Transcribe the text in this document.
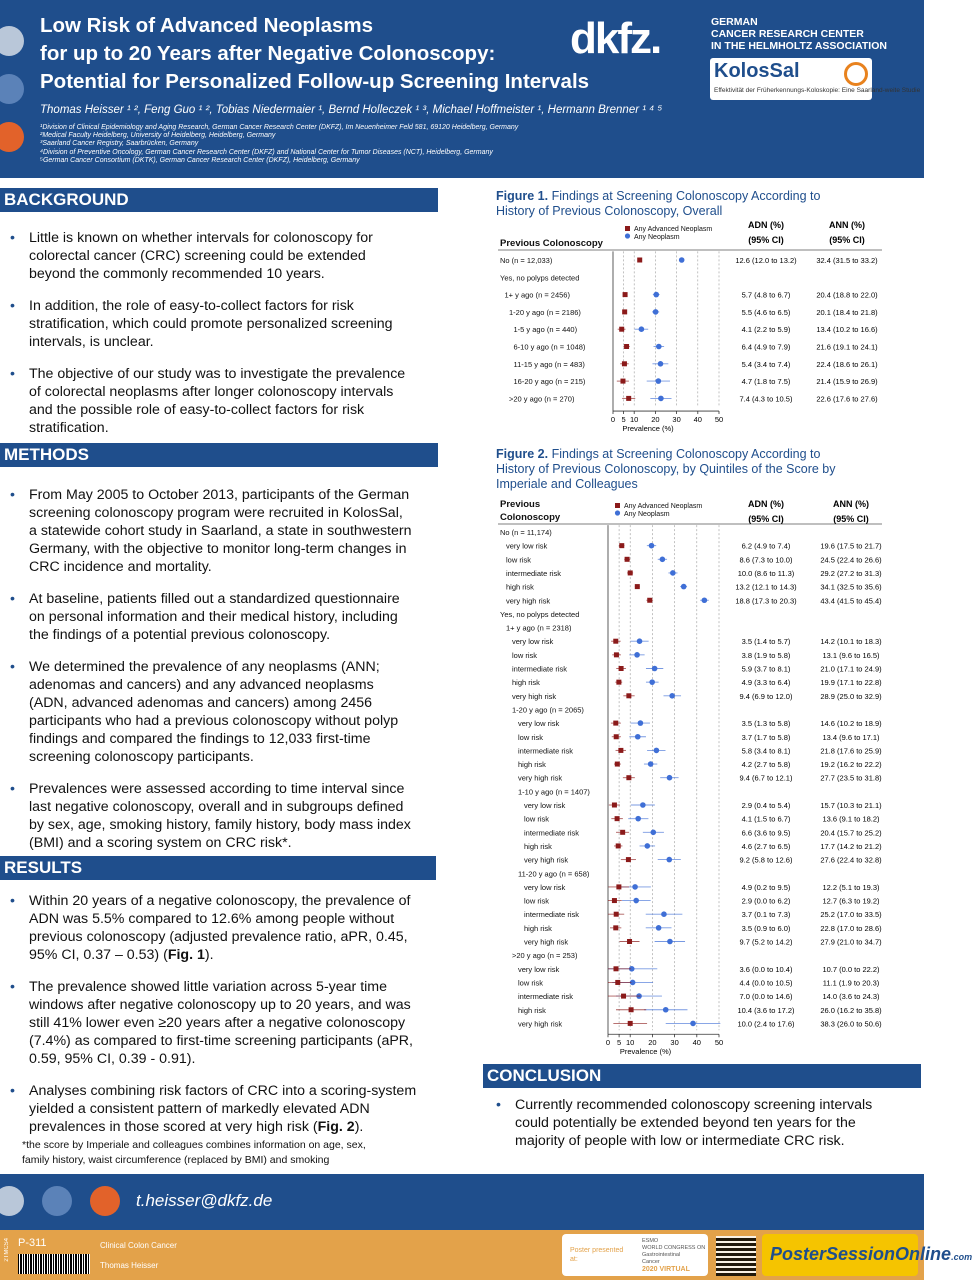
Low Risk of Advanced Neoplasms
for up to 20 Years after Negative Colonoscopy:
Potential for Personalized Follow-up Screening Intervals
dkfz.	GERMAN
CANCER RESEARCH CENTER
IN THE HELMHOLTZ ASSOCIATION
KolosSal
Effektivität der Früherkennungs-Koloskopie: Eine Saarland-weite Studie
Thomas Heisser ¹ ², Feng Guo ¹ ², Tobias Niedermaier ¹, Bernd Holleczek ¹ ³, Michael Hoffmeister ¹, Hermann Brenner ¹ ⁴ ⁵
¹Division of Clinical Epidemiology and Aging Research, German Cancer Research Center (DKFZ), Im Neuenheimer Feld 581, 69120 Heidelberg, Germany
²Medical Faculty Heidelberg, University of Heidelberg, Heidelberg, Germany
³Saarland Cancer Registry, Saarbrücken, Germany
⁴Division of Preventive Oncology, German Cancer Research Center (DKFZ) and National Center for Tumor Diseases (NCT), Heidelberg, Germany
⁵German Cancer Consortium (DKTK), German Cancer Research Center (DKFZ), Heidelberg, Germany
BACKGROUND
• Little is known on whether intervals for colonoscopy for colorectal cancer (CRC) screening could be extended beyond the commonly recommended 10 years.
• In addition, the role of easy-to-collect factors for risk stratification, which could promote personalized screening intervals, is unclear.
• The objective of our study was to investigate the prevalence of colorectal neoplasms after longer colonoscopy intervals and the possible role of easy-to-collect factors for risk stratification.
METHODS
• From May 2005 to October 2013, participants of the German screening colonoscopy program were recruited in KolosSal, a statewide cohort study in Saarland, a state in southwestern Germany, with the objective to monitor long-term changes in CRC incidence and mortality.
• At baseline, patients filled out a standardized questionnaire on personal information and their medical history, including the findings of a potential previous colonoscopy.
• We determined the prevalence of any neoplasms (ANN; adenomas and cancers) and any advanced neoplasms (ADN, advanced adenomas and cancers) among 2456 participants who had a previous colonoscopy without polyp findings and compared the findings to 12,033 first-time screening colonoscopy participants.
• Prevalences were assessed according to time interval since last negative colonoscopy, overall and in subgroups defined by sex, age, smoking history, family history, body mass index (BMI) and a scoring system on CRC risk*.
RESULTS
• Within 20 years of a negative colonoscopy, the prevalence of ADN was 5.5% compared to 12.6% among people without previous colonoscopy (adjusted prevalence ratio, aPR, 0.45, 95% CI, 0.37 – 0.53) (Fig. 1).
• The prevalence showed little variation across 5-year time windows after negative colonoscopy up to 20 years, and was still 41% lower even ≥20 years after a negative colonoscopy (7.4%) as compared to first-time screening participants (aPR, 0.59, 95% CI, 0.39 - 0.91).
• Analyses combining risk factors of CRC into a scoring-system yielded a consistent pattern of markedly elevated ADN prevalences in those scored at very high risk (Fig. 2).
*the score by Imperiale and colleagues combines information on age, sex,
family history, waist circumference (replaced by BMI) and smoking
Figure 1. Findings at Screening Colonoscopy According to
History of Previous Colonoscopy, Overall
Previous Colonoscopy
Any Advanced Neoplasm
Any Neoplasm
ADN (%)
(95% CI)
ANN (%)
(95% CI)
0 5 10 20 30 40 50
Prevalence (%)
No (n = 12,033)	12.6 (12.0 to 13.2)	32.4 (31.5 to 33.2)
Yes, no polyps detected
1+ y ago (n = 2456)	5.7 (4.8 to 6.7)	20.4 (18.8 to 22.0)
1-20 y ago (n = 2186)	5.5 (4.6 to 6.5)	20.1 (18.4 to 21.8)
1-5 y ago (n = 440)	4.1 (2.2 to 5.9)	13.4 (10.2 to 16.6)
6-10 y ago (n = 1048)	6.4 (4.9 to 7.9)	21.6 (19.1 to 24.1)
11-15 y ago (n = 483)	5.4 (3.4 to 7.4)	22.4 (18.6 to 26.1)
16-20 y ago (n = 215)	4.7 (1.8 to 7.5)	21.4 (15.9 to 26.9)
>20 y ago (n = 270)	7.4 (4.3 to 10.5)	22.6 (17.6 to 27.6)
Figure 2. Findings at Screening Colonoscopy According to
History of Previous Colonoscopy, by Quintiles of the Score by
Imperiale and Colleagues
Previous
Colonoscopy
Any Advanced Neoplasm
Any Neoplasm
ADN (%)
(95% CI)
ANN (%)
(95% CI)
0 5 10 20 30 40 50
Prevalence (%)
No (n = 11,174)
very low risk	6.2 (4.9 to 7.4)	19.6 (17.5 to 21.7)
low risk	8.6 (7.3 to 10.0)	24.5 (22.4 to 26.6)
intermediate risk	10.0 (8.6 to 11.3)	29.2 (27.2 to 31.3)
high risk	13.2 (12.1 to 14.3)	34.1 (32.5 to 35.6)
very high risk	18.8 (17.3 to 20.3)	43.4 (41.5 to 45.4)
Yes, no polyps detected
1+ y ago (n = 2318)
very low risk	3.5 (1.4 to 5.7)	14.2 (10.1 to 18.3)
low risk	3.8 (1.9 to 5.8)	13.1 (9.6 to 16.5)
intermediate risk	5.9 (3.7 to 8.1)	21.0 (17.1 to 24.9)
high risk	4.9 (3.3 to 6.4)	19.9 (17.1 to 22.8)
very high risk	9.4 (6.9 to 12.0)	28.9 (25.0 to 32.9)
1-20 y ago (n = 2065)
very low risk	3.5 (1.3 to 5.8)	14.6 (10.2 to 18.9)
low risk	3.7 (1.7 to 5.8)	13.4 (9.6 to 17.1)
intermediate risk	5.8 (3.4 to 8.1)	21.8 (17.6 to 25.9)
high risk	4.2 (2.7 to 5.8)	19.2 (16.2 to 22.2)
very high risk	9.4 (6.7 to 12.1)	27.7 (23.5 to 31.8)
1-10 y ago (n = 1407)
very low risk	2.9 (0.4 to 5.4)	15.7 (10.3 to 21.1)
low risk	4.1 (1.5 to 6.7)	13.6 (9.1 to 18.2)
intermediate risk	6.6 (3.6 to 9.5)	20.4 (15.7 to 25.2)
high risk	4.6 (2.7 to 6.5)	17.7 (14.2 to 21.2)
very high risk	9.2 (5.8 to 12.6)	27.6 (22.4 to 32.8)
11-20 y ago (n = 658)
very low risk	4.9 (0.2 to 9.5)	12.2 (5.1 to 19.3)
low risk	2.9 (0.0 to 6.2)	12.7 (6.3 to 19.2)
intermediate risk	3.7 (0.1 to 7.3)	25.2 (17.0 to 33.5)
high risk	3.5 (0.9 to 6.0)	22.8 (17.0 to 28.6)
very high risk	9.7 (5.2 to 14.2)	27.9 (21.0 to 34.7)
>20 y ago (n = 253)
very low risk	3.6 (0.0 to 10.4)	10.7 (0.0 to 22.2)
low risk	4.4 (0.0 to 10.5)	11.1 (1.9 to 20.3)
intermediate risk	7.0 (0.0 to 14.6)	14.0 (3.6 to 24.3)
high risk	10.4 (3.6 to 17.2)	26.0 (16.2 to 35.8)
very high risk	10.0 (2.4 to 17.6)	38.3 (26.0 to 50.6)
CONCLUSION
• Currently recommended colonoscopy screening intervals could potentially be extended beyond ten years for the majority of people with low or intermediate CRC risk.
t.heisser@dkfz.de
2TMCS4 P-311	Clinical Colon Cancer
Thomas Heisser
Poster presented at:
ESMO
WORLD CONGRESS ON
Gastrointestinal
Cancer
2020 VIRTUAL
PosterSessionOnline.com
